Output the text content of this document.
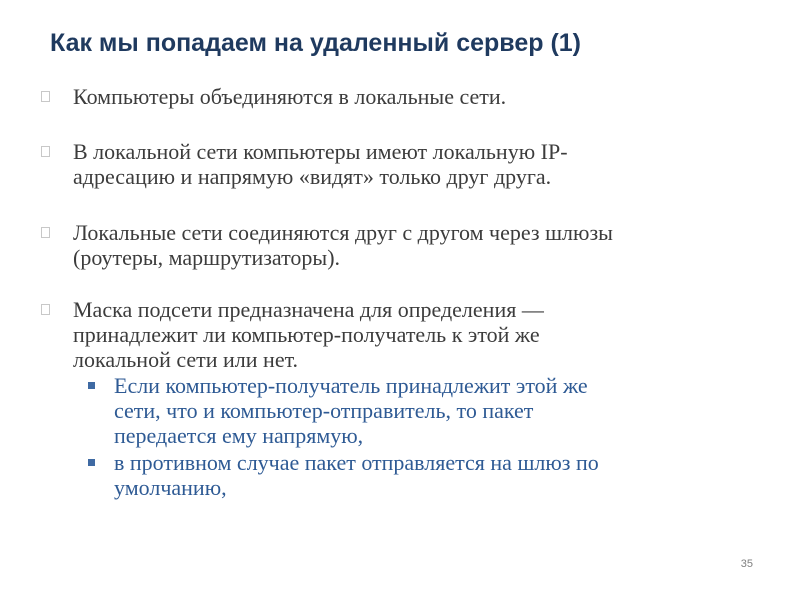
Как мы попадаем на удаленный сервер (1)
Компьютеры объединяются в локальные сети.
В локальной сети компьютеры имеют локальную IP-
адресацию и напрямую «видят» только друг друга.
Локальные сети соединяются друг с другом через шлюзы
(роутеры, маршрутизаторы).
Маска подсети предназначена для определения —
принадлежит ли компьютер-получатель к этой же
локальной сети или нет.
Если компьютер-получатель принадлежит этой же
сети, что и компьютер-отправитель, то пакет
передается ему напрямую,
в противном случае пакет отправляется на шлюз по
умолчанию,
35
